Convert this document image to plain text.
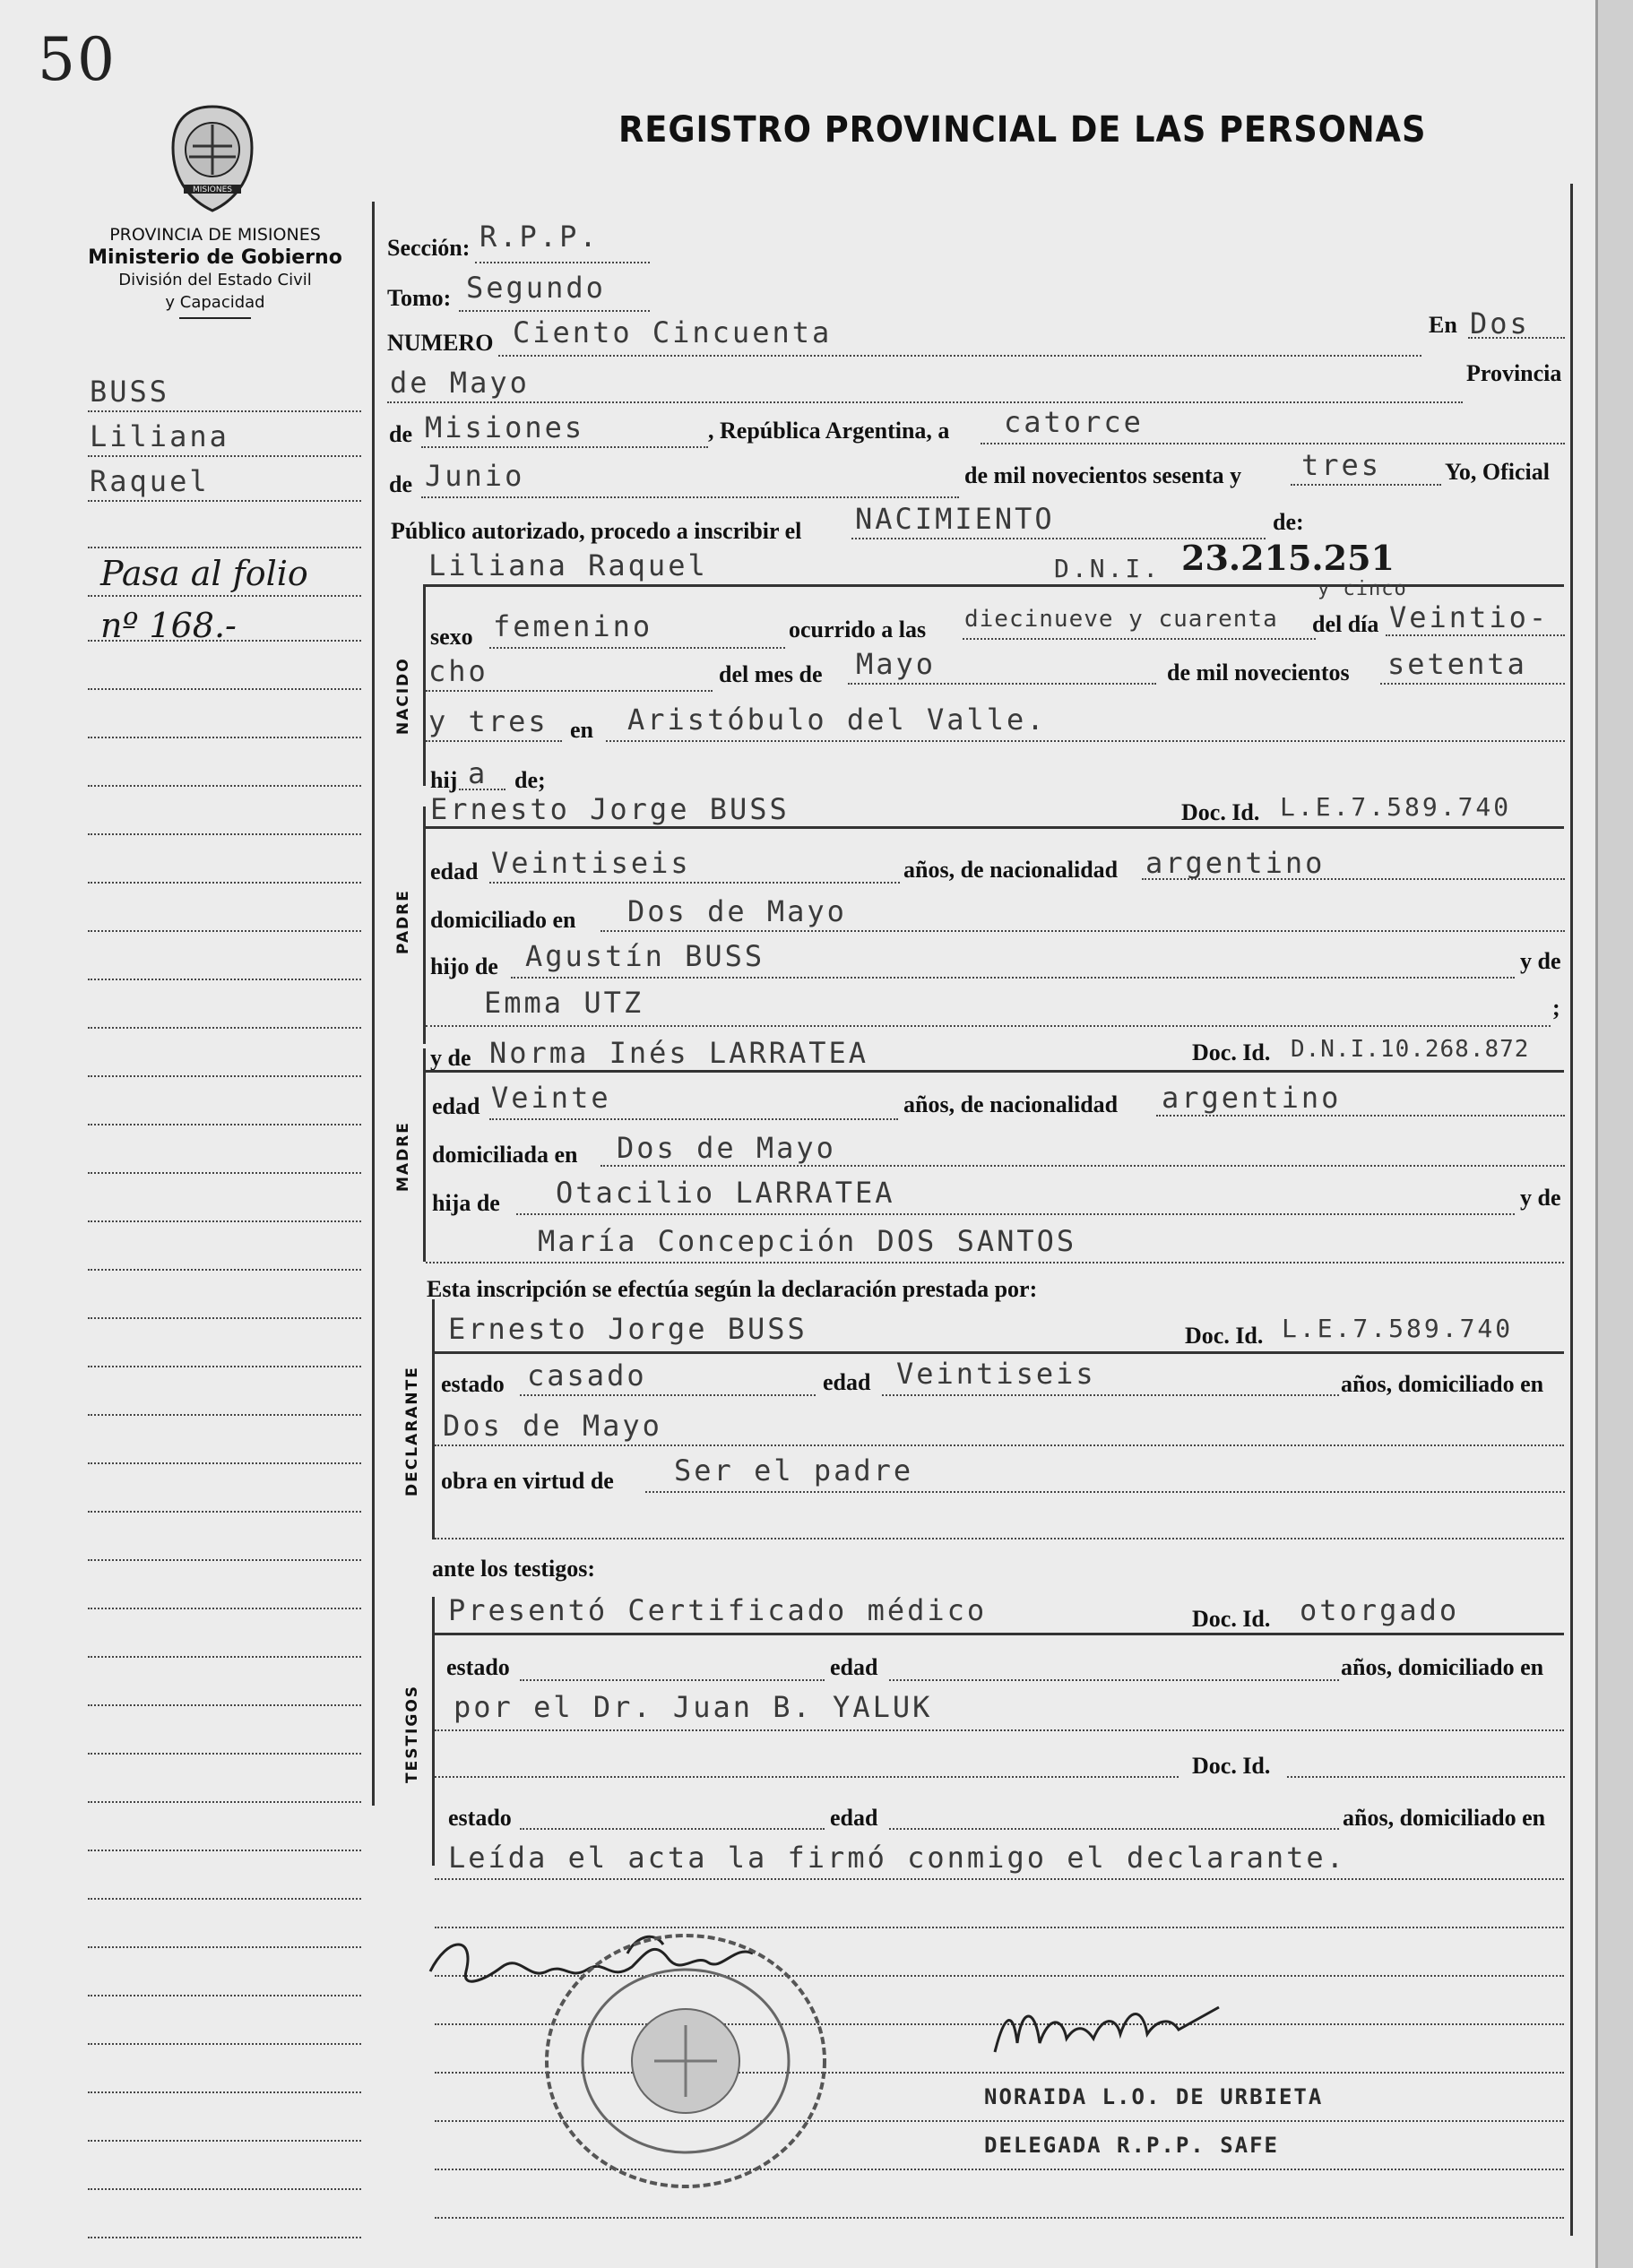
50
MISIONES
REGISTRO PROVINCIAL DE LAS PERSONAS
PROVINCIA DE MISIONES
Ministerio de Gobierno
División del Estado Civil
y Capacidad
BUSS
Liliana
Raquel
Pasa al folio
nº 168.-
NACIDO
PADRE
MADRE
DECLARANTE
TESTIGOS
Sección: R.P.P.
Tomo: Segundo
NUMERO Ciento Cincuenta	En Dos
de Mayo	Provincia
de Misiones	, República Argentina, a catorce
de Junio	de mil novecientos sesenta y tres	Yo, Oficial
Público autorizado, procedo a inscribir el NACIMIENTO	de:
Liliana Raquel	D.N.I. 23.215.251
sexo femenino	ocurrido a las diecinueve y cuarenta
y cinco
del día Veintio-
cho	del mes de Mayo	de mil novecientos setenta
y tres en Aristóbulo del Valle.
hij a de;
Ernesto Jorge BUSS	Doc. Id. L.E.7.589.740
edad Veintiseis	años, de nacionalidad argentino
domiciliado en Dos de Mayo
hijo de Agustín BUSS	y de
Emma UTZ	;
y de Norma Inés LARRATEA	Doc. Id. D.N.I.10.268.872
edad Veinte	años, de nacionalidad argentino
domiciliada en Dos de Mayo
hija de Otacilio LARRATEA	y de
María Concepción DOS SANTOS
Esta inscripción se efectúa según la declaración prestada por:
Ernesto Jorge BUSS	Doc. Id. L.E.7.589.740
estado casado	edad Veintiseis	años, domiciliado en
Dos de Mayo
obra en virtud de Ser el padre
ante los testigos:
Presentó Certificado médico	Doc. Id. otorgado
estado	edad	años, domiciliado en
por el Dr. Juan B. YALUK
Doc. Id.
estado	edad	años, domiciliado en
Leída el acta la firmó conmigo el declarante.
NORAIDA L.O. DE URBIETA
DELEGADA R.P.P. SAFE
